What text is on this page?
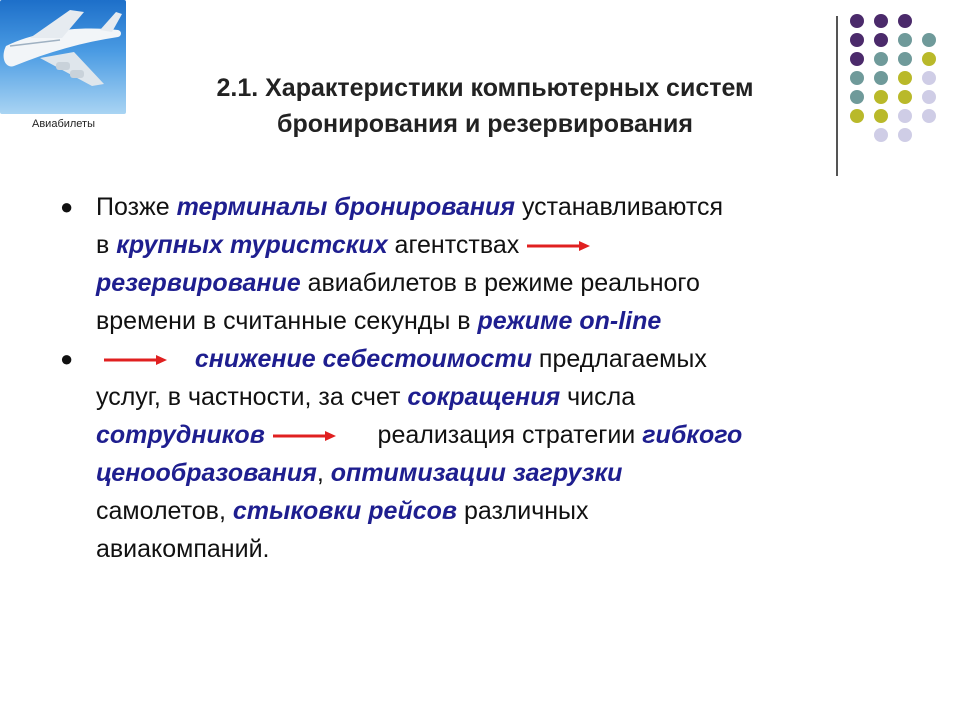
Авиабилеты
2.1. Характеристики компьютерных систем
бронирования и резервирования
● Позже терминалы бронирования устанавливаются
в крупных туристских агентствах
резервирование авиабилетов в режиме реального
времени в считанные секунды в режиме on-line
●	снижение себестоимости предлагаемых
услуг, в частности, за счет сокращения числа
сотрудников	реализация стратегии гибкого
ценообразования, оптимизации загрузки
самолетов, стыковки рейсов различных
авиакомпаний.
